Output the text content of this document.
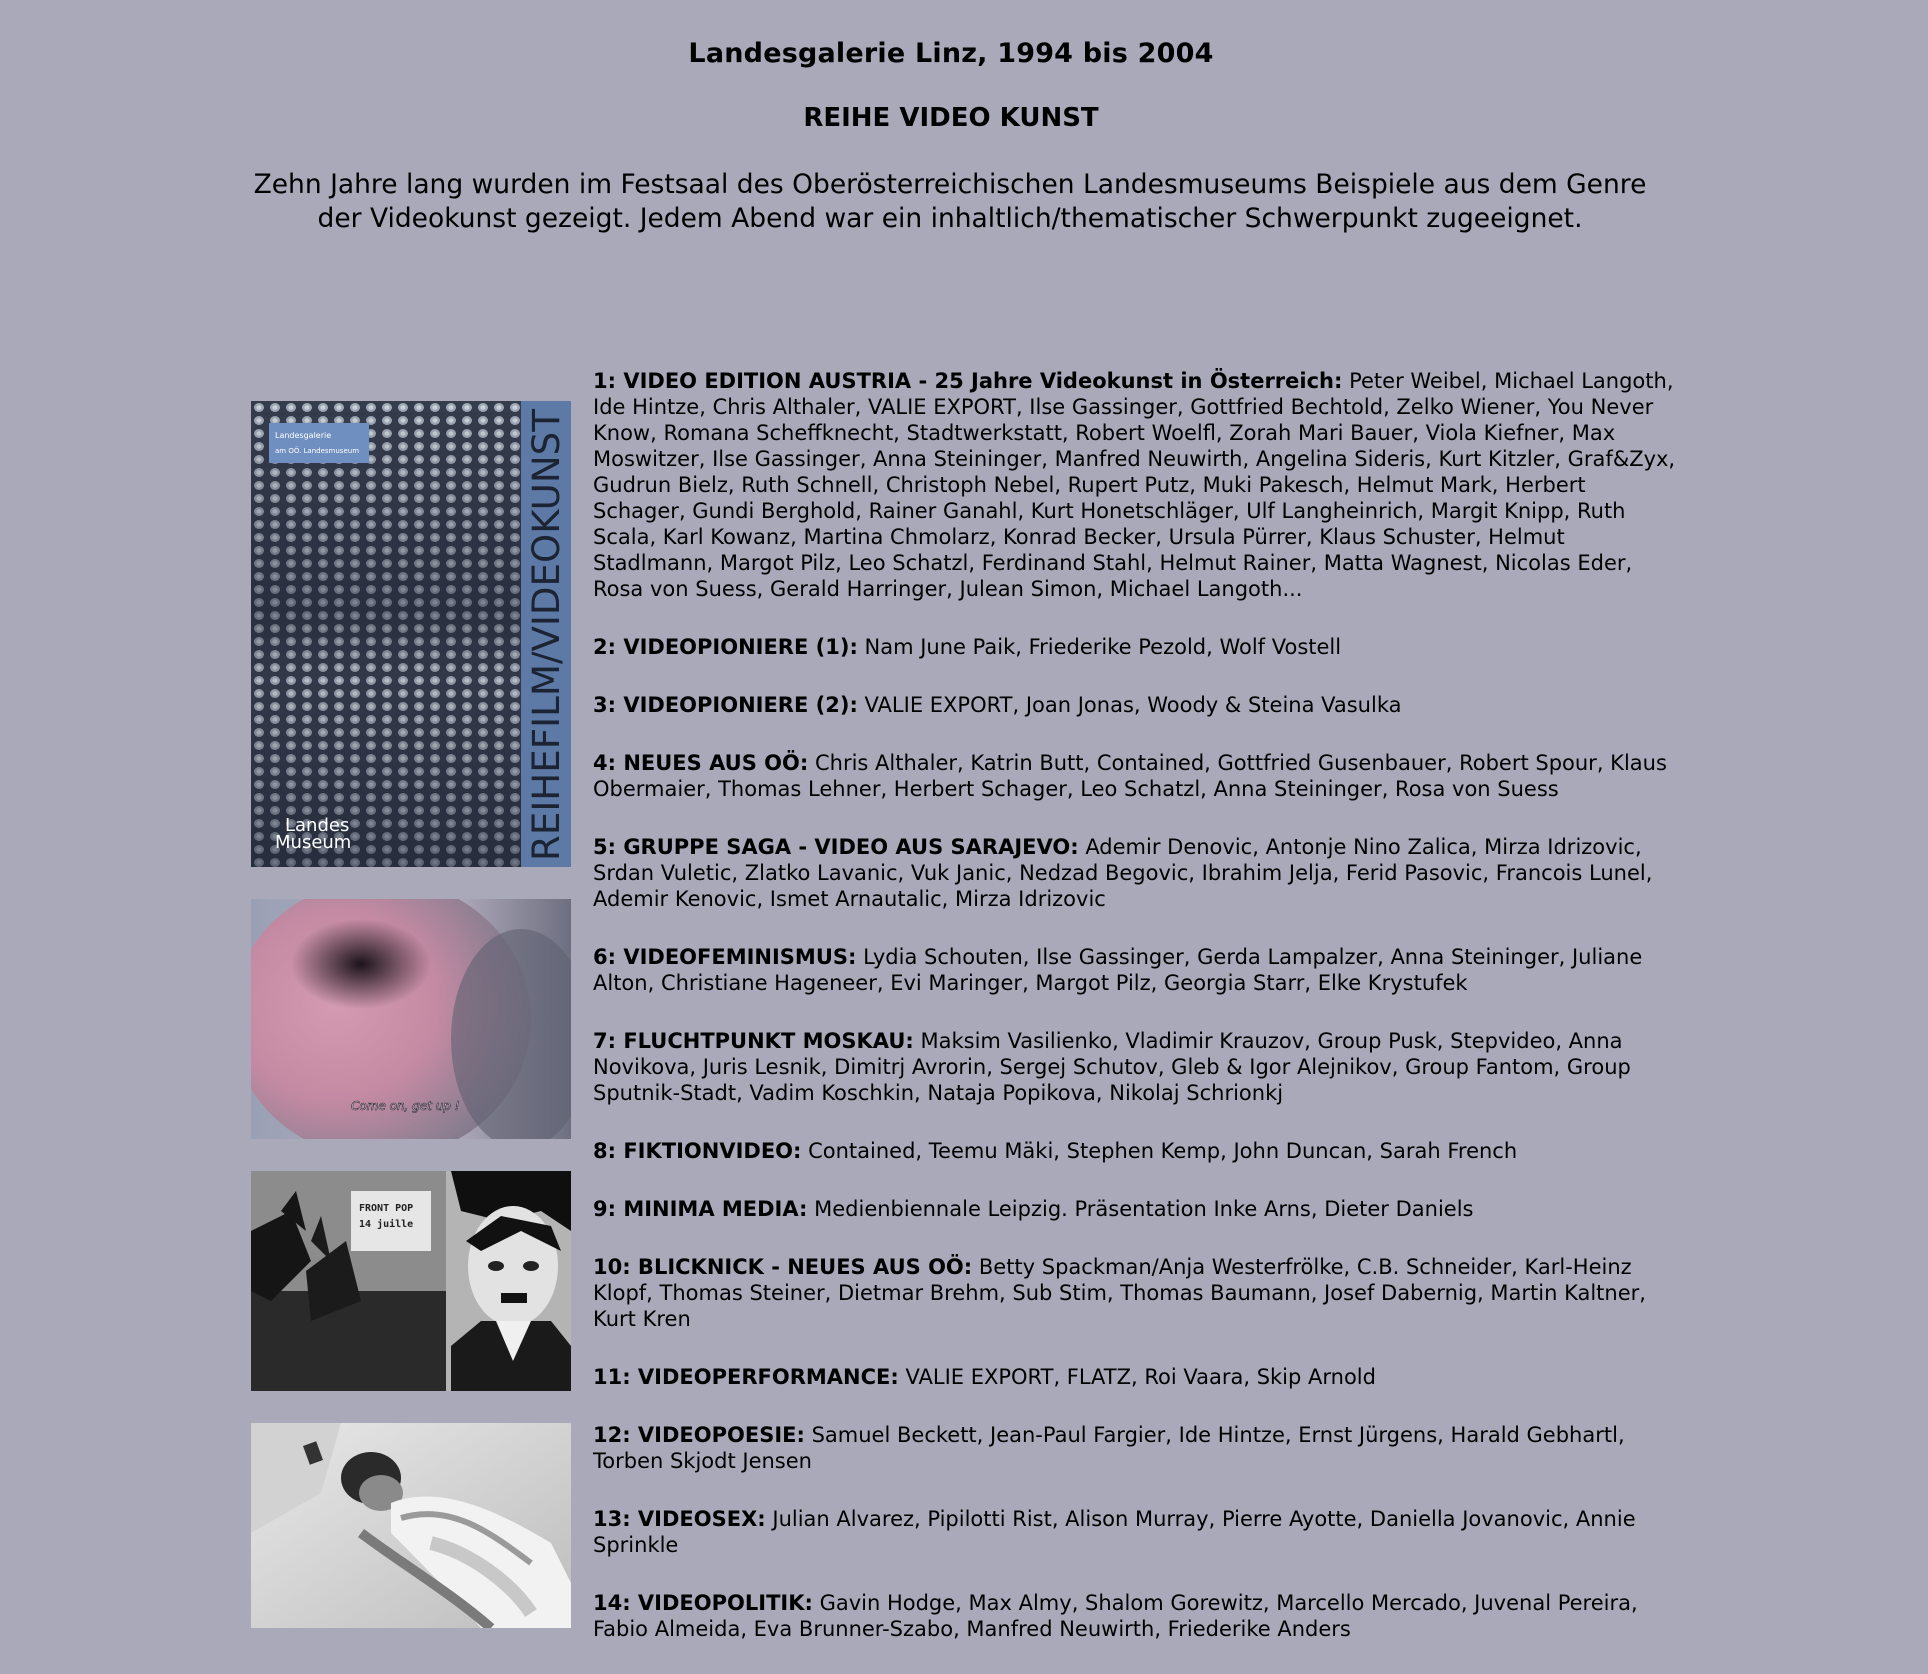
Landesgalerie Linz, 1994 bis 2004
REIHE VIDEO KUNST

Zehn Jahre lang wurden im Festsaal des Oberösterreichischen Landesmuseums Beispiele aus dem Genre der Videokunst gezeigt. Jedem Abend war ein inhaltlich/thematischer Schwerpunkt zugeeignet.

Landesgalerie
am OÖ. Landesmuseum	REIHEFILM/VIDEOKUNST
Landes
Museum
Come on, get up !
FRONT POP
14 juille

1: VIDEO EDITION AUSTRIA - 25 Jahre Videokunst in Österreich: Peter Weibel, Michael Langoth, Ide Hintze, Chris Althaler, VALIE EXPORT, Ilse Gassinger, Gottfried Bechtold, Zelko Wiener, You Never Know, Romana Scheffknecht, Stadtwerkstatt, Robert Woelfl, Zorah Mari Bauer, Viola Kiefner, Max Moswitzer, Ilse Gassinger, Anna Steininger, Manfred Neuwirth, Angelina Sideris, Kurt Kitzler, Graf&Zyx, Gudrun Bielz, Ruth Schnell, Christoph Nebel, Rupert Putz, Muki Pakesch, Helmut Mark, Herbert Schager, Gundi Berghold, Rainer Ganahl, Kurt Honetschläger, Ulf Langheinrich, Margit Knipp, Ruth Scala, Karl Kowanz, Martina Chmolarz, Konrad Becker, Ursula Pürrer, Klaus Schuster, Helmut Stadlmann, Margot Pilz, Leo Schatzl, Ferdinand Stahl, Helmut Rainer, Matta Wagnest, Nicolas Eder, Rosa von Suess, Gerald Harringer, Julean Simon, Michael Langoth...

2: VIDEOPIONIERE (1): Nam June Paik, Friederike Pezold, Wolf Vostell

3: VIDEOPIONIERE (2): VALIE EXPORT, Joan Jonas, Woody & Steina Vasulka

4: NEUES AUS OÖ: Chris Althaler, Katrin Butt, Contained, Gottfried Gusenbauer, Robert Spour, Klaus Obermaier, Thomas Lehner, Herbert Schager, Leo Schatzl, Anna Steininger, Rosa von Suess

5: GRUPPE SAGA - VIDEO AUS SARAJEVO: Ademir Denovic, Antonje Nino Zalica, Mirza Idrizovic, Srdan Vuletic, Zlatko Lavanic, Vuk Janic, Nedzad Begovic, Ibrahim Jelja, Ferid Pasovic, Francois Lunel, Ademir Kenovic, Ismet Arnautalic, Mirza Idrizovic

6: VIDEOFEMINISMUS: Lydia Schouten, Ilse Gassinger, Gerda Lampalzer, Anna Steininger, Juliane Alton, Christiane Hageneer, Evi Maringer, Margot Pilz, Georgia Starr, Elke Krystufek

7: FLUCHTPUNKT MOSKAU: Maksim Vasilienko, Vladimir Krauzov, Group Pusk, Stepvideo, Anna Novikova, Juris Lesnik, Dimitrj Avrorin, Sergej Schutov, Gleb & Igor Alejnikov, Group Fantom, Group Sputnik-Stadt, Vadim Koschkin, Nataja Popikova, Nikolaj Schrionkj

8: FIKTIONVIDEO: Contained, Teemu Mäki, Stephen Kemp, John Duncan, Sarah French

9: MINIMA MEDIA: Medienbiennale Leipzig. Präsentation Inke Arns, Dieter Daniels

10: BLICKNICK - NEUES AUS OÖ: Betty Spackman/Anja Westerfrölke, C.B. Schneider, Karl-Heinz Klopf, Thomas Steiner, Dietmar Brehm, Sub Stim, Thomas Baumann, Josef Dabernig, Martin Kaltner, Kurt Kren

11: VIDEOPERFORMANCE: VALIE EXPORT, FLATZ, Roi Vaara, Skip Arnold

12: VIDEOPOESIE: Samuel Beckett, Jean-Paul Fargier, Ide Hintze, Ernst Jürgens, Harald Gebhartl, Torben Skjodt Jensen

13: VIDEOSEX: Julian Alvarez, Pipilotti Rist, Alison Murray, Pierre Ayotte, Daniella Jovanovic, Annie Sprinkle

14: VIDEOPOLITIK: Gavin Hodge, Max Almy, Shalom Gorewitz, Marcello Mercado, Juvenal Pereira, Fabio Almeida, Eva Brunner-Szabo, Manfred Neuwirth, Friederike Anders
